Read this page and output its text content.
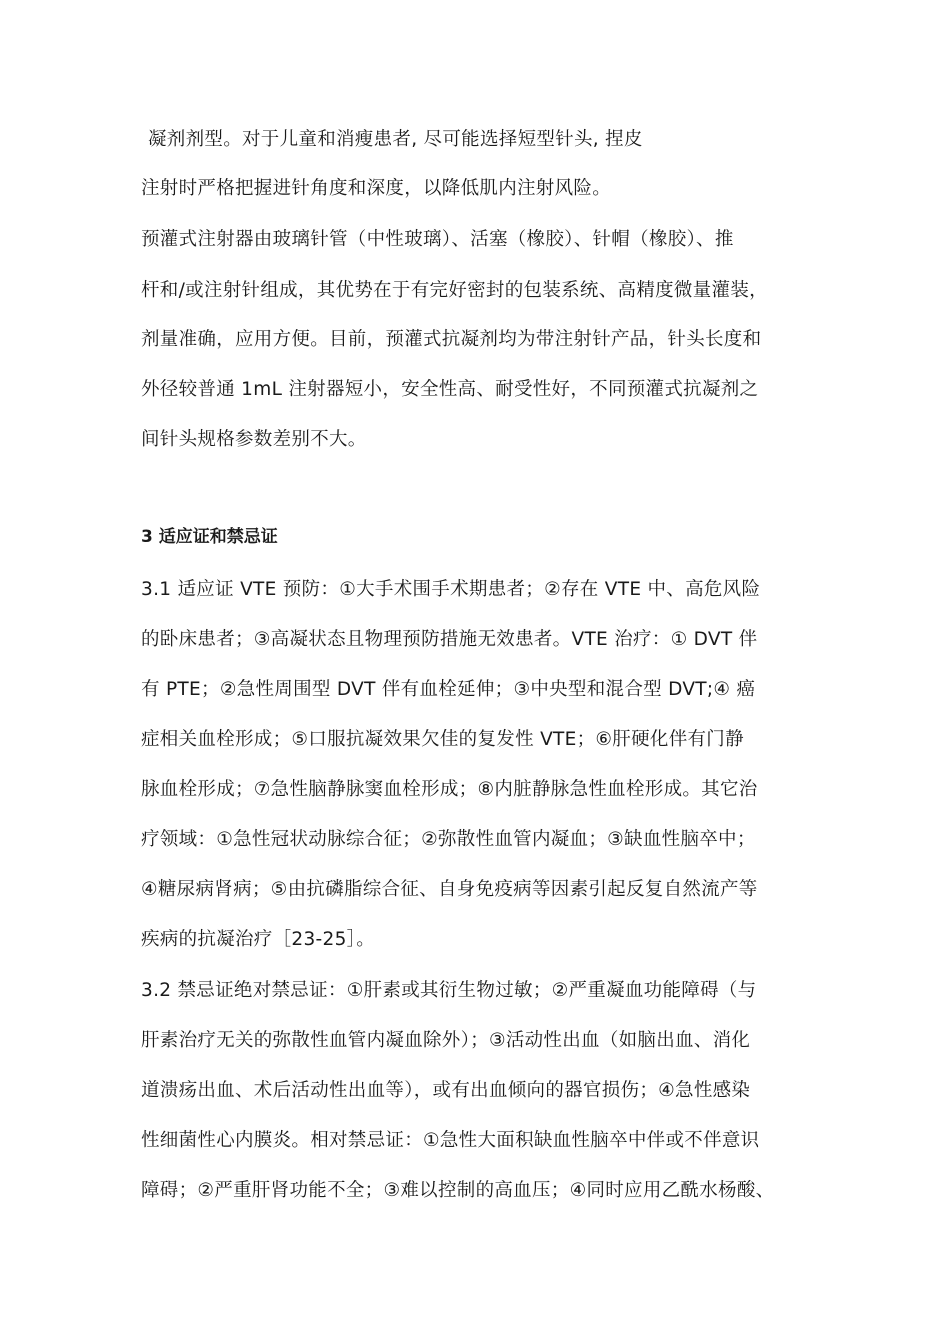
凝剂剂型。对于儿童和消瘦患者, 尽可能选择短型针头, 捏皮
注射时严格把握进针角度和深度，以降低肌内注射风险。
预灌式注射器由玻璃针管（中性玻璃）、活塞（橡胶）、针帽（橡胶）、推
杆和/或注射针组成，其优势在于有完好密封的包装系统、高精度微量灌装，
剂量准确，应用方便。目前，预灌式抗凝剂均为带注射针产品，针头长度和
外径较普通 1mL 注射器短小，安全性高、耐受性好，不同预灌式抗凝剂之
间针头规格参数差别不大。
3 适应证和禁忌证
3.1 适应证 VTE 预防：①大手术围手术期患者；②存在 VTE 中、高危风险
的卧床患者；③高凝状态且物理预防措施无效患者。VTE 治疗：① DVT 伴
有 PTE；②急性周围型 DVT 伴有血栓延伸；③中央型和混合型 DVT;④ 癌
症相关血栓形成；⑤口服抗凝效果欠佳的复发性 VTE；⑥肝硬化伴有门静
脉血栓形成；⑦急性脑静脉窦血栓形成；⑧内脏静脉急性血栓形成。其它治
疗领域：①急性冠状动脉综合征；②弥散性血管内凝血；③缺血性脑卒中；
④糖尿病肾病；⑤由抗磷脂综合征、自身免疫病等因素引起反复自然流产等
疾病的抗凝治疗［23-25］。
3.2 禁忌证绝对禁忌证：①肝素或其衍生物过敏；②严重凝血功能障碍（与
肝素治疗无关的弥散性血管内凝血除外）；③活动性出血（如脑出血、消化
道溃疡出血、术后活动性出血等），或有出血倾向的器官损伤；④急性感染
性细菌性心内膜炎。相对禁忌证：①急性大面积缺血性脑卒中伴或不伴意识
障碍；②严重肝肾功能不全；③难以控制的高血压；④同时应用乙酰水杨酸、
